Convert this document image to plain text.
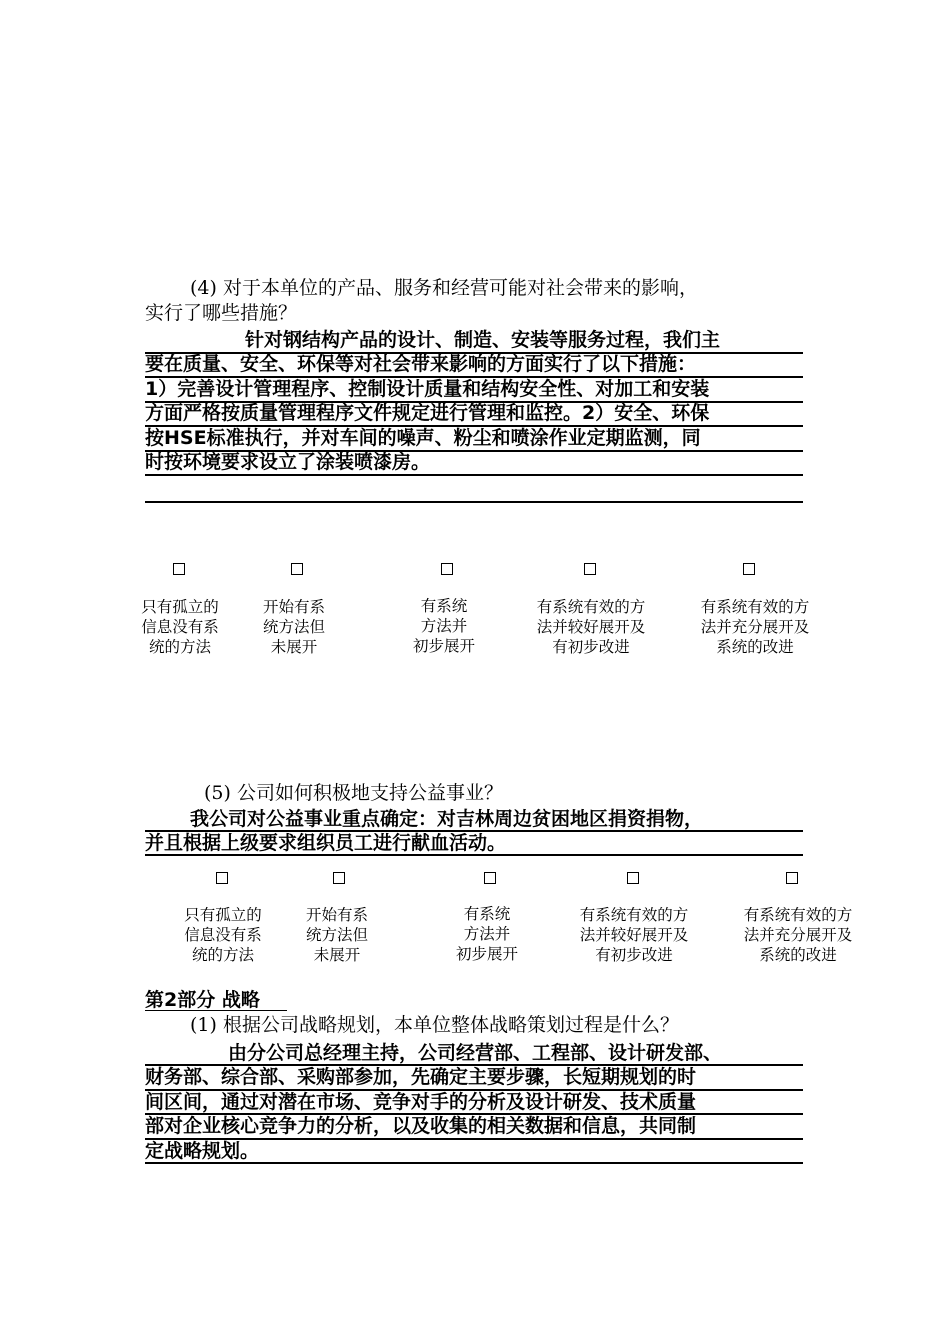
(4) 对于本单位的产品、服务和经营可能对社会带来的影响，
实行了哪些措施？
针对钢结构产品的设计、制造、安装等服务过程，我们主
要在质量、安全、环保等对社会带来影响的方面实行了以下措施：
1）完善设计管理程序、控制设计质量和结构安全性、对加工和安装
方面严格按质量管理程序文件规定进行管理和监控。2）安全、环保
按HSE标准执行，并对车间的噪声、粉尘和喷涂作业定期监测，同
时按环境要求设立了涂装喷漆房。
只有孤立的
信息没有系
统的方法
开始有系
统方法但
未展开
有系统
方法并
初步展开
有系统有效的方
法并较好展开及
有初步改进
有系统有效的方
法并充分展开及
系统的改进
(5) 公司如何积极地支持公益事业？
我公司对公益事业重点确定：对吉林周边贫困地区捐资捐物，
并且根据上级要求组织员工进行献血活动。
只有孤立的
信息没有系
统的方法
开始有系
统方法但
未展开
有系统
方法并
初步展开
有系统有效的方
法并较好展开及
有初步改进
有系统有效的方
法并充分展开及
系统的改进
第2部分 战略
(1) 根据公司战略规划，本单位整体战略策划过程是什么？
由分公司总经理主持，公司经营部、工程部、设计研发部、
财务部、综合部、采购部参加，先确定主要步骤，长短期规划的时
间区间，通过对潜在市场、竞争对手的分析及设计研发、技术质量
部对企业核心竞争力的分析，以及收集的相关数据和信息，共同制
定战略规划。
